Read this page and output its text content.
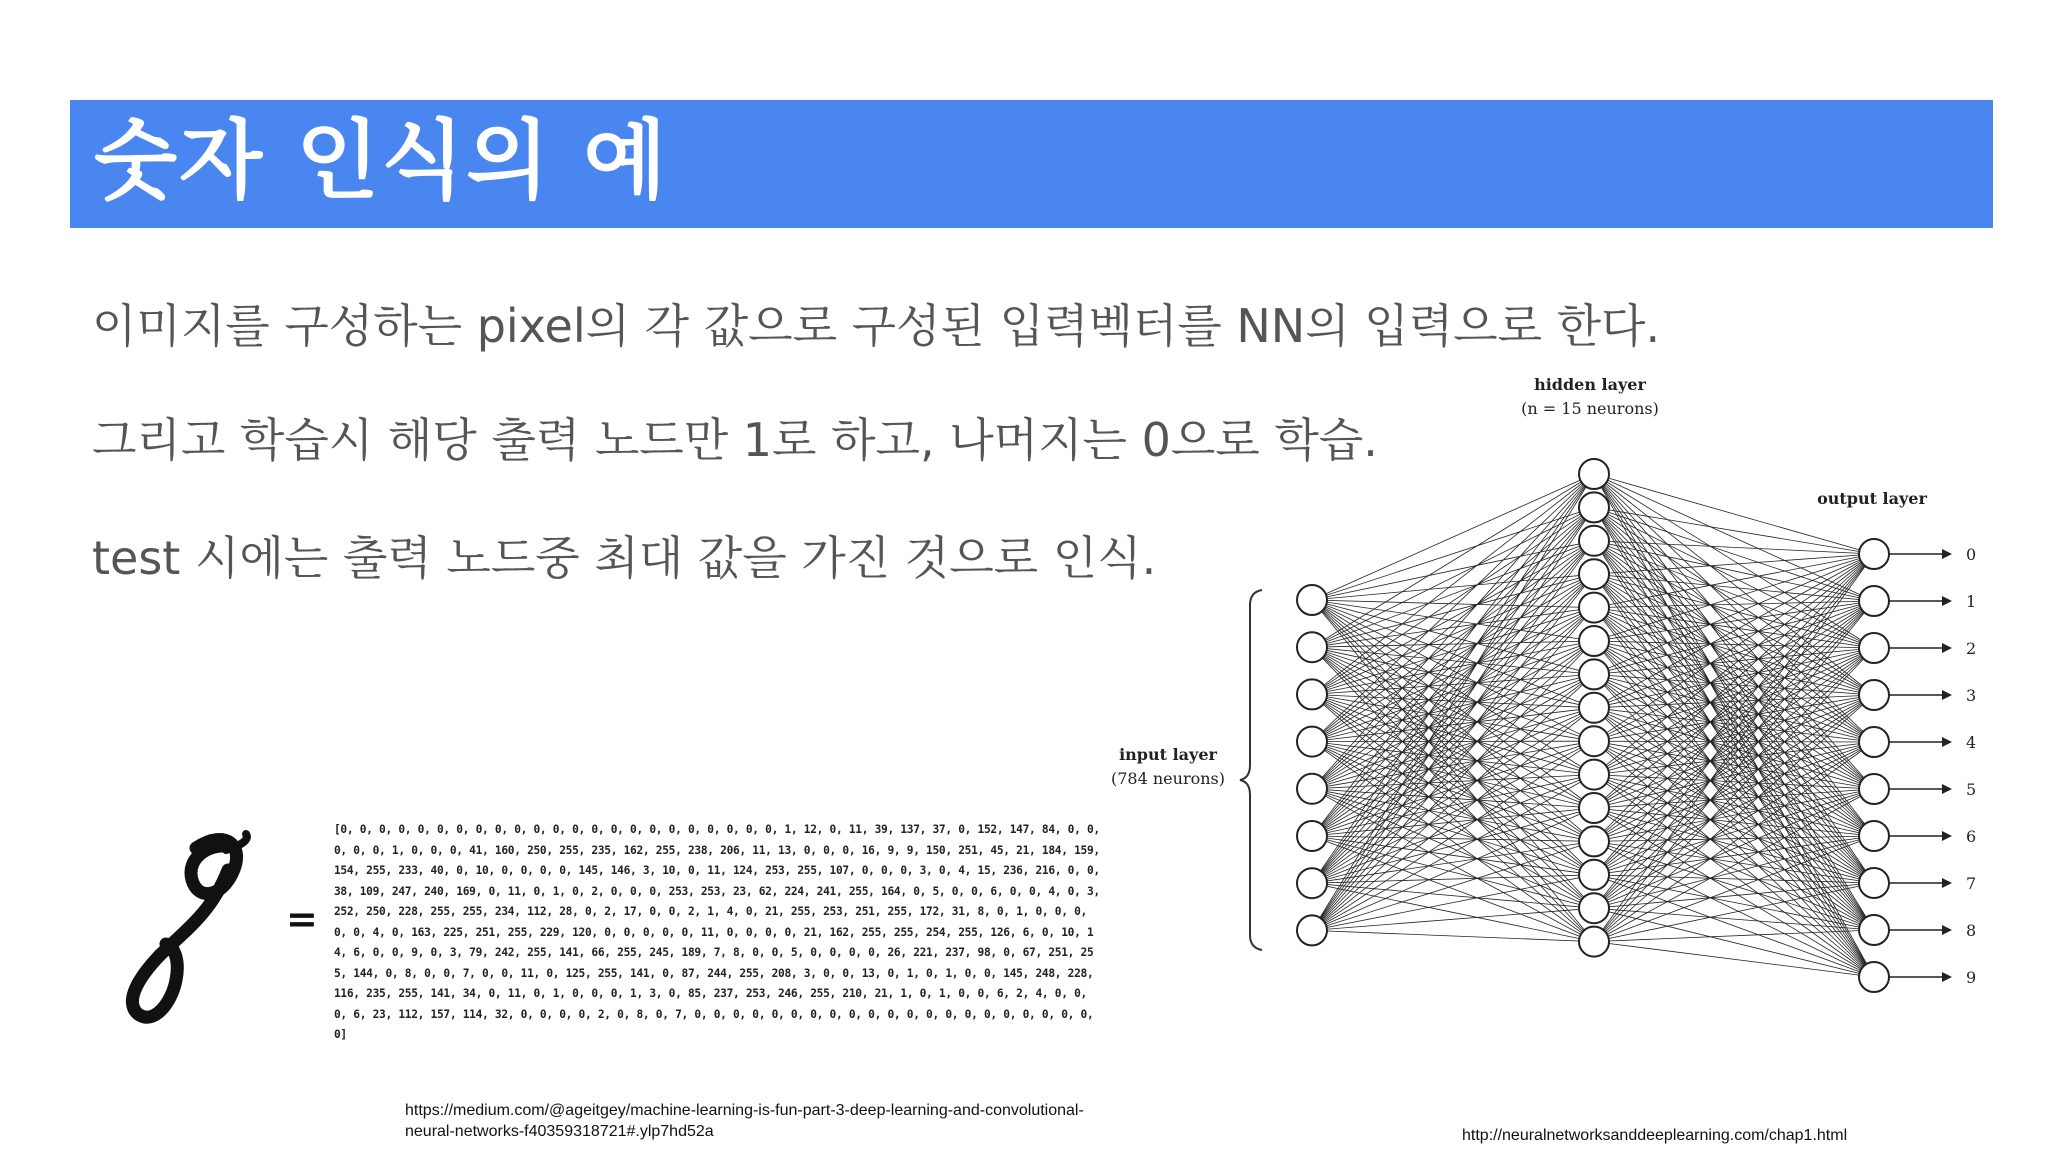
숫자 인식의 예
이미지를 구성하는 pixel의 각 값으로 구성된 입력벡터를 NN의 입력으로 한다.
그리고 학습시 해당 출력 노드만 1로 하고, 나머지는 0으로 학습.
test 시에는 출력 노드중 최대 값을 가진 것으로 인식.
=
0
1
2
3
4
5
6
7
8
9
hidden layer
(n = 15 neurons)
output layer
input layer
(784 neurons)
[0, 0, 0, 0, 0, 0, 0, 0, 0, 0, 0, 0, 0, 0, 0, 0, 0, 0, 0, 0, 0, 0, 0, 1, 12, 0, 11, 39, 137, 37, 0, 152, 147, 84, 0, 0, 0, 0, 0, 1, 0, 0, 0, 41, 160, 250, 255, 235, 162, 255, 238, 206, 11, 13, 0, 0, 0, 16, 9, 9, 150, 251, 45, 21, 184, 159, 154, 255, 233, 40, 0, 10, 0, 0, 0, 0, 145, 146, 3, 10, 0, 11, 124, 253, 255, 107, 0, 0, 0, 3, 0, 4, 15, 236, 216, 0, 0, 38, 109, 247, 240, 169, 0, 11, 0, 1, 0, 2, 0, 0, 0, 253, 253, 23, 62, 224, 241, 255, 164, 0, 5, 0, 0, 6, 0, 0, 4, 0, 3, 252, 250, 228, 255, 255, 234, 112, 28, 0, 2, 17, 0, 0, 2, 1, 4, 0, 21, 255, 253, 251, 255, 172, 31, 8, 0, 1, 0, 0, 0, 0, 0, 4, 0, 163, 225, 251, 255, 229, 120, 0, 0, 0, 0, 0, 11, 0, 0, 0, 0, 21, 162, 255, 255, 254, 255, 126, 6, 0, 10, 14, 6, 0, 0, 9, 0, 3, 79, 242, 255, 141, 66, 255, 245, 189, 7, 8, 0, 0, 5, 0, 0, 0, 0, 26, 221, 237, 98, 0, 67, 251, 255, 144, 0, 8, 0, 0, 7, 0, 0, 11, 0, 125, 255, 141, 0, 87, 244, 255, 208, 3, 0, 0, 13, 0, 1, 0, 1, 0, 0, 145, 248, 228, 116, 235, 255, 141, 34, 0, 11, 0, 1, 0, 0, 0, 1, 3, 0, 85, 237, 253, 246, 255, 210, 21, 1, 0, 1, 0, 0, 6, 2, 4, 0, 0, 0, 6, 23, 112, 157, 114, 32, 0, 0, 0, 0, 2, 0, 8, 0, 7, 0, 0, 0, 0, 0, 0, 0, 0, 0, 0, 0, 0, 0, 0, 0, 0, 0, 0, 0, 0, 0, 0]
https://medium.com/@ageitgey/machine-learning-is-fun-part-3-deep-learning-and-convolutional-neural-networks-f40359318721#.ylp7hd52a	http://neuralnetworksanddeeplearning.com/chap1.html
